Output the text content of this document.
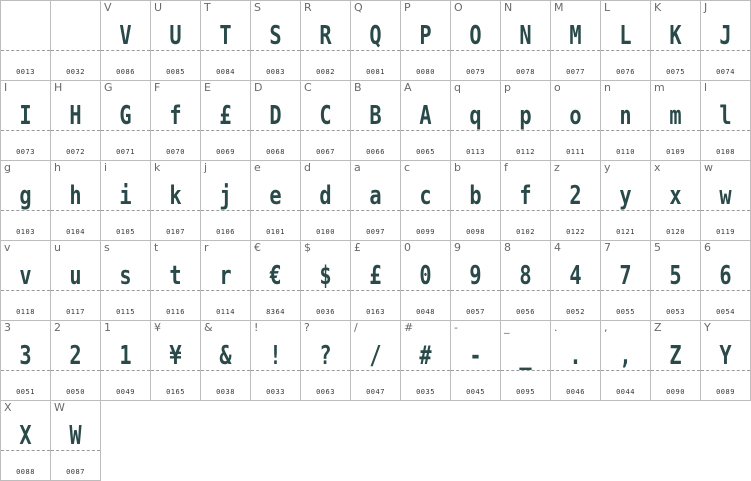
0013	0032
V
V
0086
U
U
0085
T
T
0084
S
S
0083
R
R
0082
Q
Q
0081
P
P
0080
O
O
0079
N
N
0078
M
M
0077
L
L
0076
K
K
0075
J
J
0074
I
I
0073
H
H
0072
G
G
0071
F
f
0070
E
£
0069
D
D
0068
C
C
0067
B
B
0066
A
A
0065
q
q
0113
p
p
0112
o
o
0111
n
n
0110
m
m
0109
l
l
0108
g
g
0103
h
h
0104
i
i
0105
k
k
0107
j
j
0106
e
e
0101
d
d
0100
a
a
0097
c
c
0099
b
b
0098
f
f
0102
z
2
0122
y
y
0121
x
x
0120
w
w
0119
v
v
0118
u
u
0117
s
s
0115
t
t
0116
r
r
0114
€
€
8364
$
$
0036
£
£
0163
0
0
0048
9
9
0057
8
8
0056
4
4
0052
7
7
0055
5
5
0053
6
6
0054
3
3
0051
2
2
0050
1
1
0049
¥
¥
0165
&
&
0038
!
!
0033
?
?
0063
/
/
0047
#
#
0035
-
-
0045
_
_
0095
.
.
0046
,
,
0044
Z
Z
0090
Y
Y
0089
X
X
0088
W
W
0087
